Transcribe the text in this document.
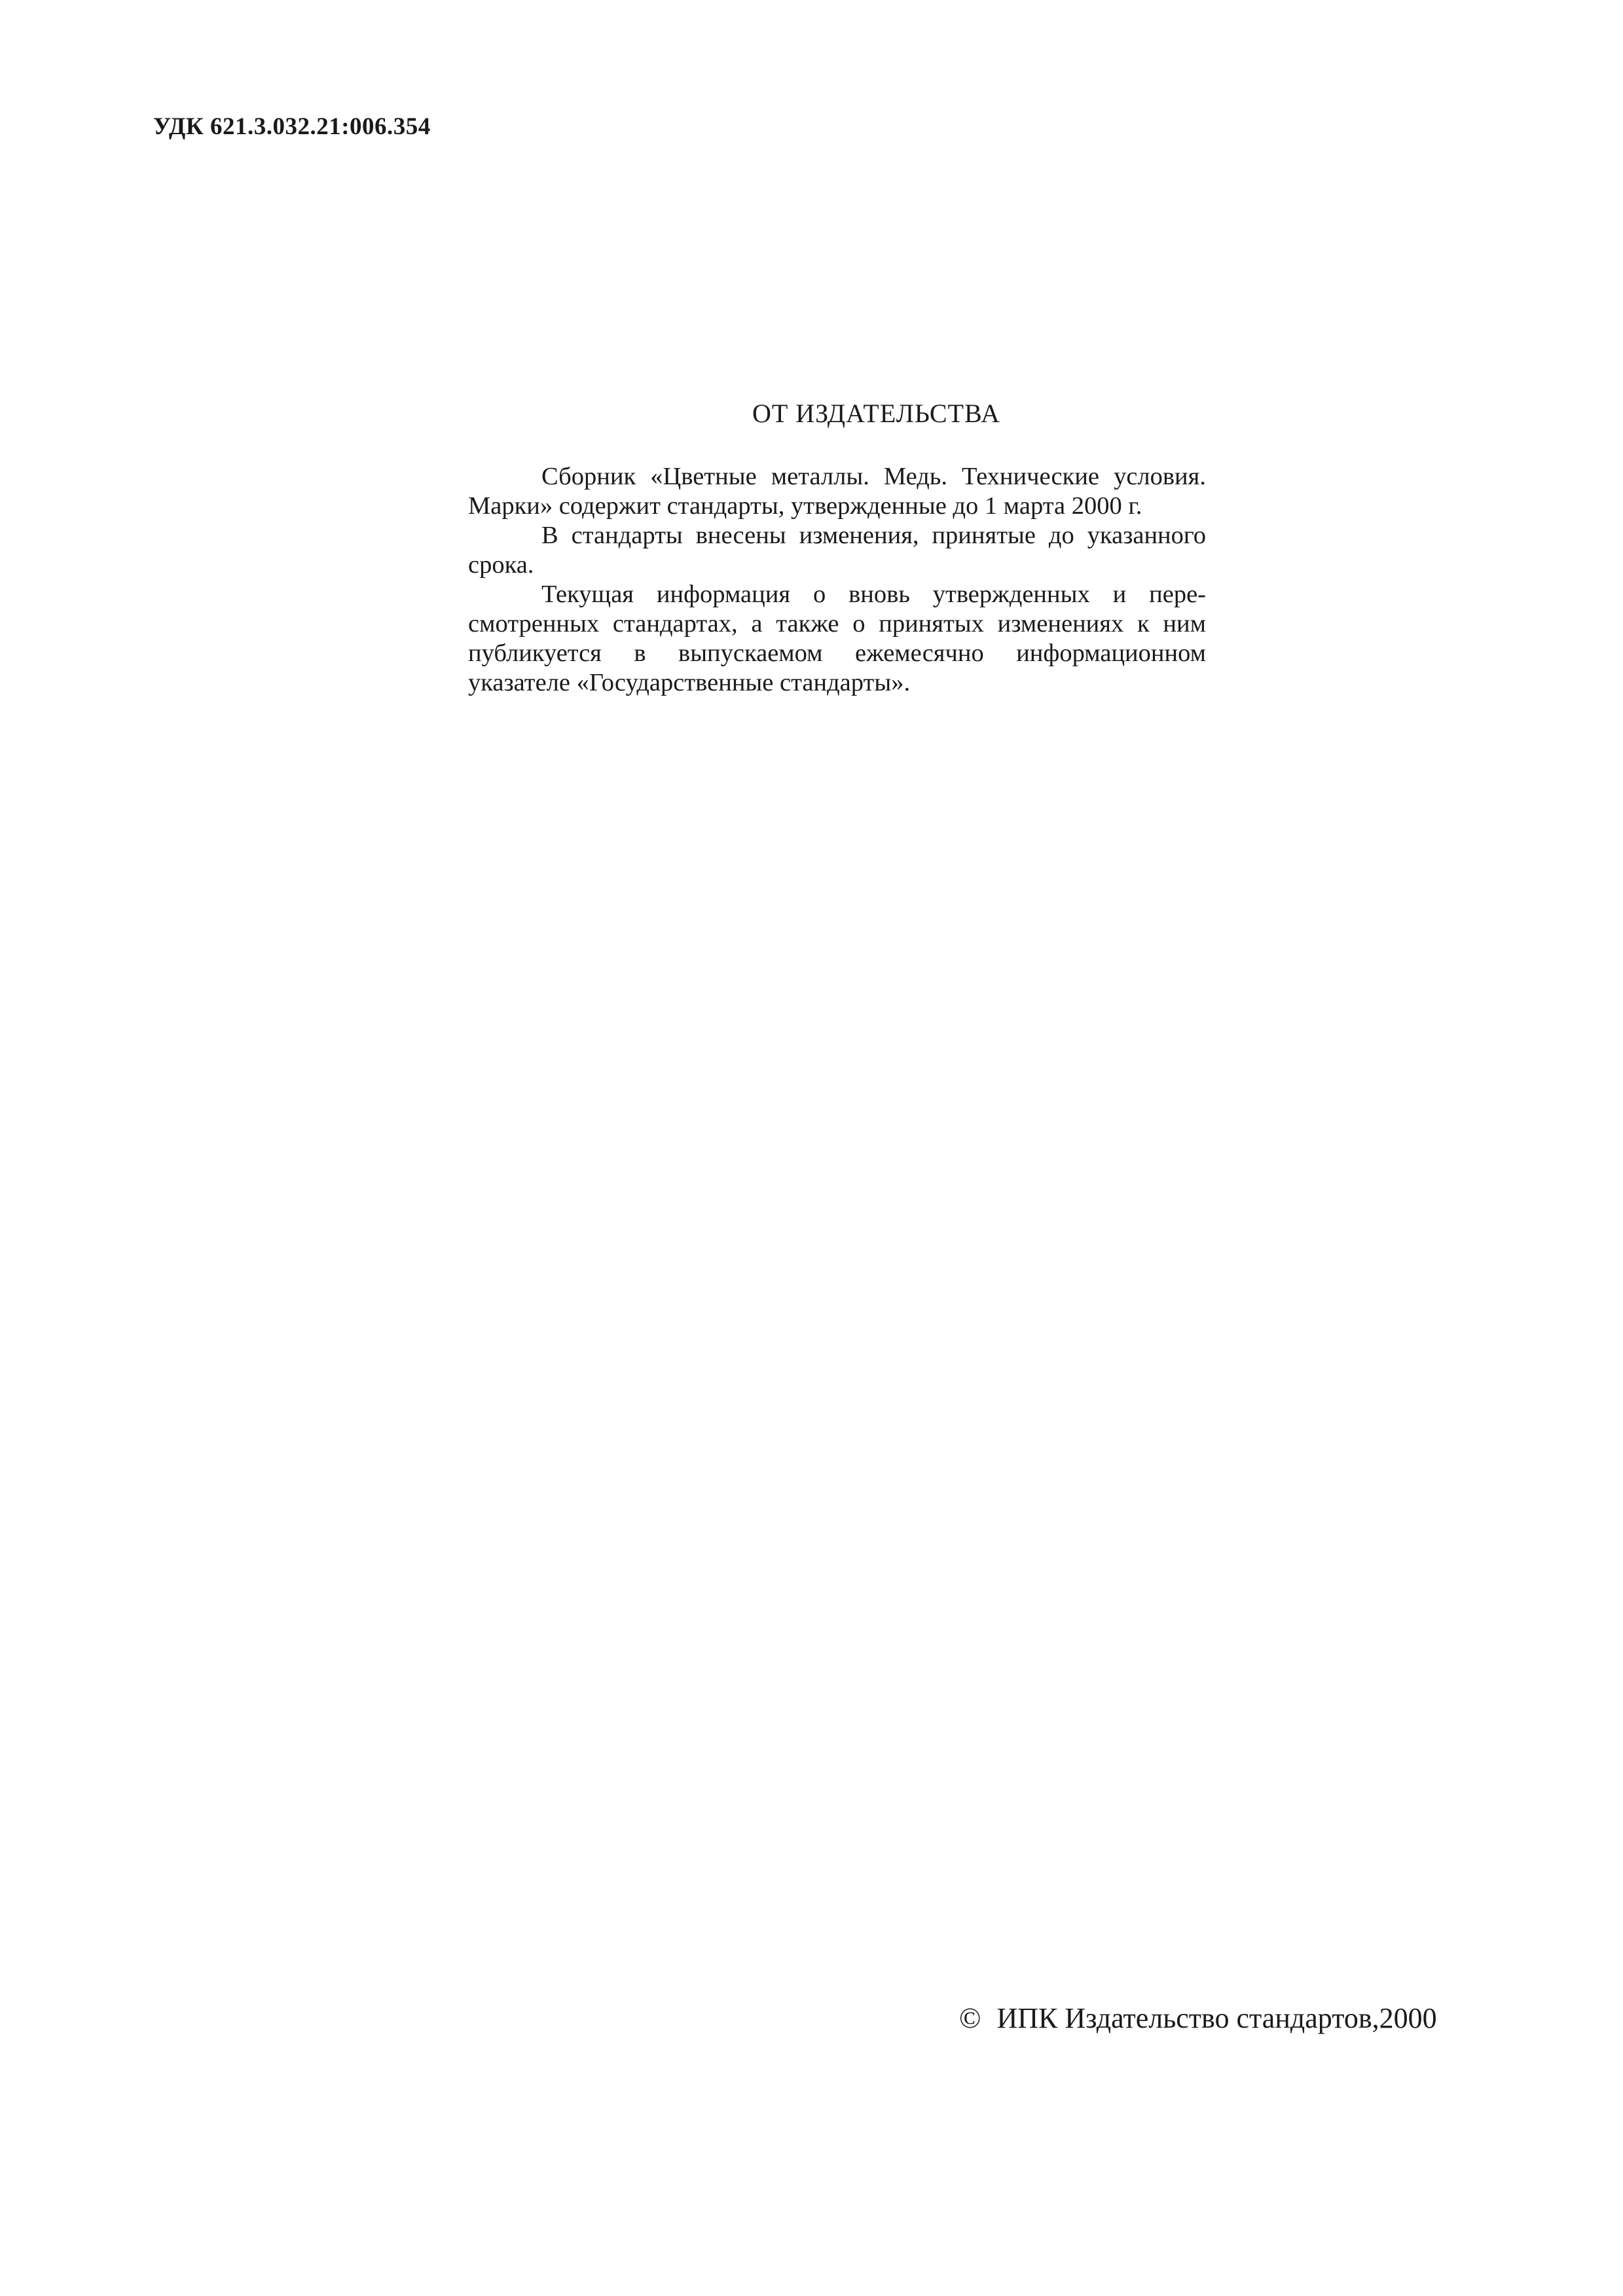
УДК 621.3.032.21:006.354
ОТ ИЗДАТЕЛЬСТВА

Сборник «Цветные металлы. Медь. Технические условия. Марки» содержит стандарты, утвержденные до 1 марта 2000 г.

В стандарты внесены изменения, принятые до указанного срока.

Текущая информация о вновь утвержденных и пересмотренных стандартах, а также о принятых изменениях к ним публикуется в выпускаемом ежемесячно информационном указателе «Государственные стандарты».

© ИПК Издательство стандартов,2000
